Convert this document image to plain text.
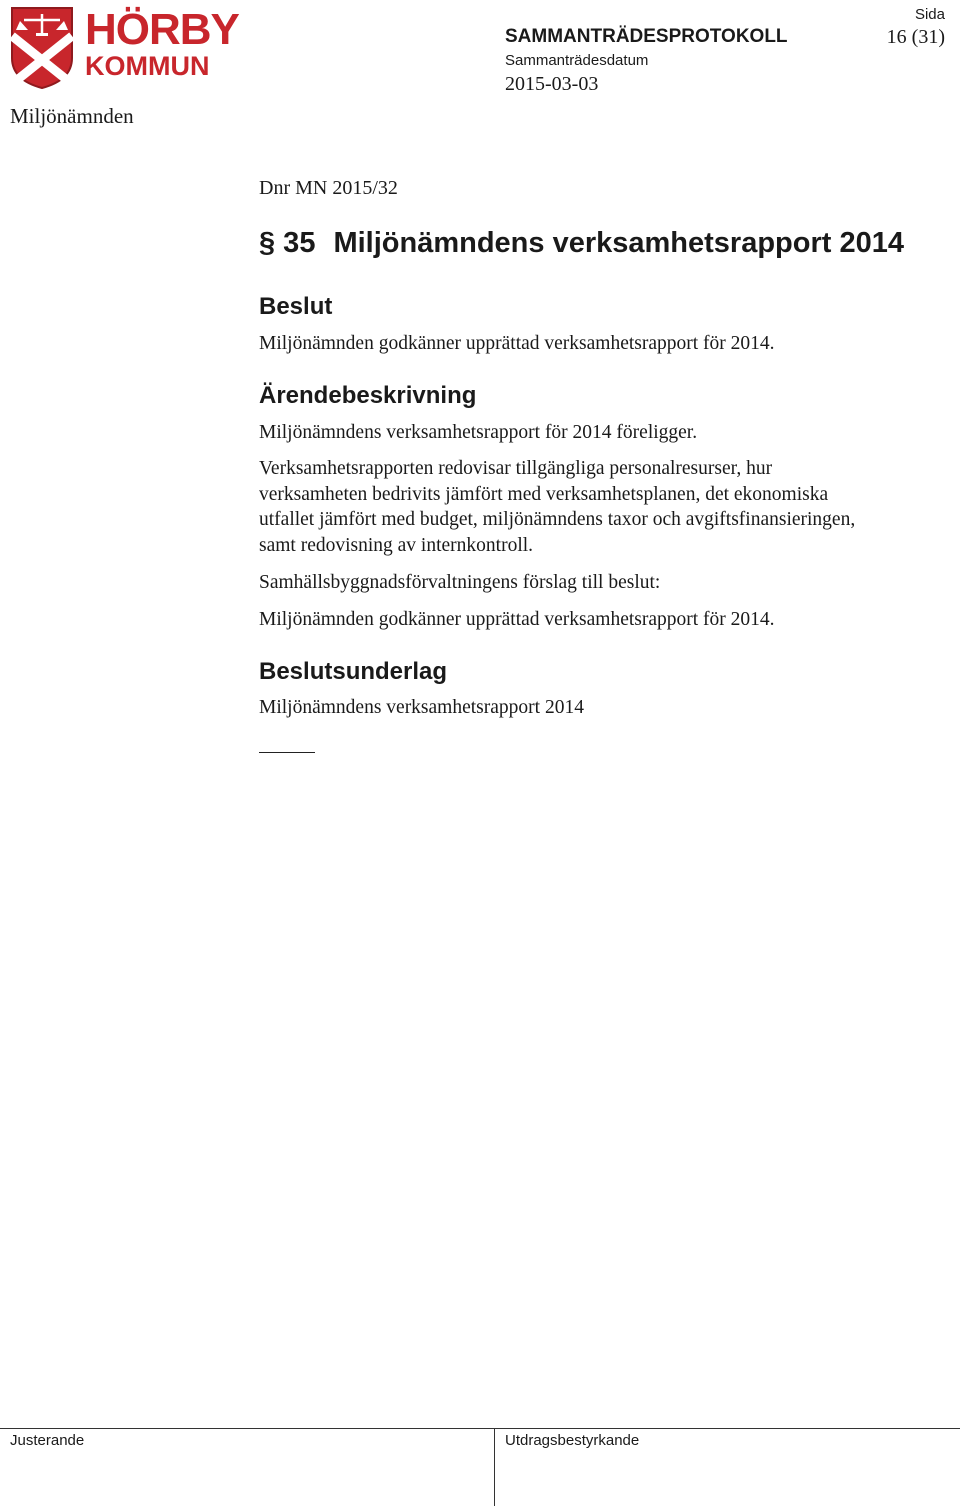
HÖRBY
KOMMUN
Miljönämnden
SAMMANTRÄDESPROTOKOLL
Sammanträdesdatum
2015-03-03
Sida
16 (31)
Dnr MN 2015/32
§ 35 Miljönämndens verksamhetsrapport 2014
Beslut
Miljönämnden godkänner upprättad verksamhetsrapport för 2014.
Ärendebeskrivning
Miljönämndens verksamhetsrapport för 2014 föreligger.
Verksamhetsrapporten redovisar tillgängliga personalresurser, hur
verksamheten bedrivits jämfört med verksamhetsplanen, det ekonomiska
utfallet jämfört med budget, miljönämndens taxor och avgiftsfinansieringen,
samt redovisning av internkontroll.
Samhällsbyggnadsförvaltningens förslag till beslut:
Miljönämnden godkänner upprättad verksamhetsrapport för 2014.
Beslutsunderlag
Miljönämndens verksamhetsrapport 2014
Justerande	Utdragsbestyrkande
